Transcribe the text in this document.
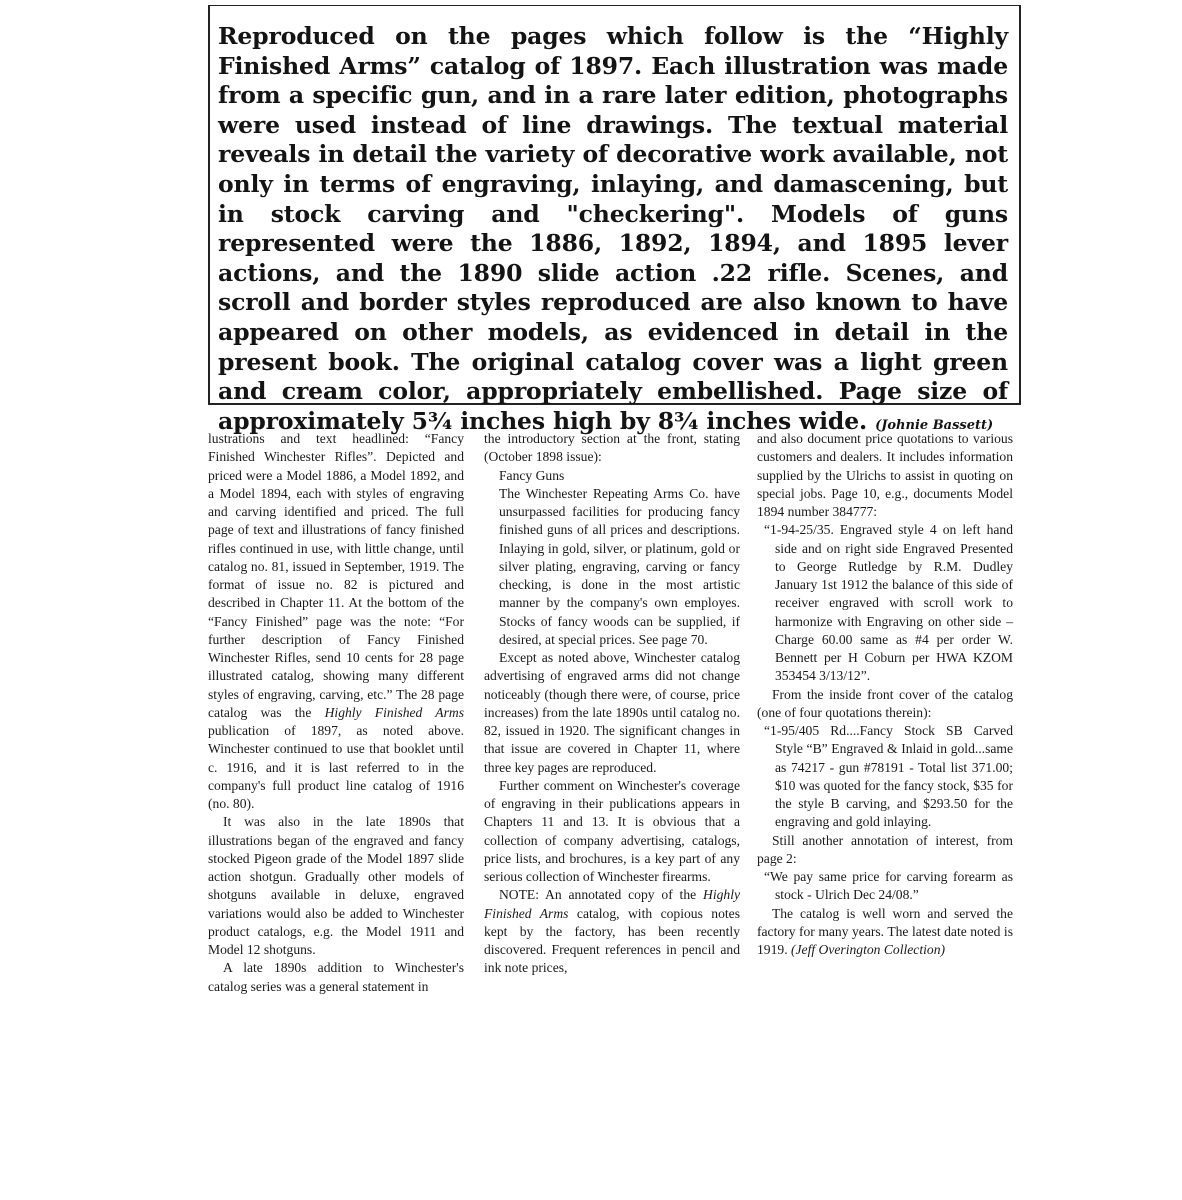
Reproduced on the pages which follow is the “Highly Finished Arms” catalog of 1897. Each illustration was made from a specific gun, and in a rare later edition, photographs were used instead of line drawings. The textual material reveals in detail the variety of decorative work available, not only in terms of engraving, inlaying, and damascening, but in stock carving and "checkering". Models of guns represented were the 1886, 1892, 1894, and 1895 lever actions, and the 1890 slide action .22 rifle. Scenes, and scroll and border styles reproduced are also known to have appeared on other models, as evidenced in detail in the present book. The original catalog cover was a light green and cream color, appropriately embellished. Page size of approximately 5¾ inches high by 8¾ inches wide. (Johnie Bassett)

lustrations and text headlined: “Fancy Finished Winchester Rifles”. Depicted and priced were a Model 1886, a Model 1892, and a Model 1894, each with styles of engraving and carving identified and priced. The full page of text and illustrations of fancy finished rifles continued in use, with little change, until catalog no. 81, issued in September, 1919. The format of issue no. 82 is pictured and described in Chapter 11. At the bottom of the “Fancy Finished” page was the note: “For further description of Fancy Finished Winchester Rifles, send 10 cents for 28 page illustrated catalog, showing many different styles of engraving, carving, etc.” The 28 page catalog was the Highly Finished Arms publication of 1897, as noted above. Winchester continued to use that booklet until c. 1916, and it is last referred to in the company's full product line catalog of 1916 (no. 80).

It was also in the late 1890s that illustrations began of the engraved and fancy stocked Pigeon grade of the Model 1897 slide action shotgun. Gradually other models of shotguns available in deluxe, engraved variations would also be added to Winchester product catalogs, e.g. the Model 1911 and Model 12 shotguns.

A late 1890s addition to Winchester's catalog series was a general statement in

the introductory section at the front, stating (October 1898 issue):

Fancy Guns

The Winchester Repeating Arms Co. have unsurpassed facilities for producing fancy finished guns of all prices and descriptions. Inlaying in gold, silver, or platinum, gold or silver plating, engraving, carving or fancy checking, is done in the most artistic manner by the company's own employes. Stocks of fancy woods can be supplied, if desired, at special prices. See page 70.

Except as noted above, Winchester catalog advertising of engraved arms did not change noticeably (though there were, of course, price increases) from the late 1890s until catalog no. 82, issued in 1920. The significant changes in that issue are covered in Chapter 11, where three key pages are reproduced.

Further comment on Winchester's coverage of engraving in their publications appears in Chapters 11 and 13. It is obvious that a collection of company advertising, catalogs, price lists, and brochures, is a key part of any serious collection of Winchester firearms.

NOTE: An annotated copy of the Highly Finished Arms catalog, with copious notes kept by the factory, has been recently discovered. Frequent references in pencil and ink note prices,

and also document price quotations to various customers and dealers. It includes information supplied by the Ulrichs to assist in quoting on special jobs. Page 10, e.g., documents Model 1894 number 384777:

“1-94-25/35. Engraved style 4 on left hand side and on right side Engraved Presented to George Rutledge by R.M. Dudley January 1st 1912 the balance of this side of receiver engraved with scroll work to harmonize with Engraving on other side – Charge 60.00 same as #4 per order W. Bennett per H Coburn per HWA KZOM 353454 3/13/12”.

From the inside front cover of the catalog (one of four quotations therein):

“1-95/405 Rd....Fancy Stock SB Carved Style “B” Engraved & Inlaid in gold...same as 74217 - gun #78191 - Total list 371.00; $10 was quoted for the fancy stock, $35 for the style B carving, and $293.50 for the engraving and gold inlaying.

Still another annotation of interest, from page 2:

“We pay same price for carving forearm as stock - Ulrich Dec 24/08.”

The catalog is well worn and served the factory for many years. The latest date noted is 1919. (Jeff Overington Collection)
